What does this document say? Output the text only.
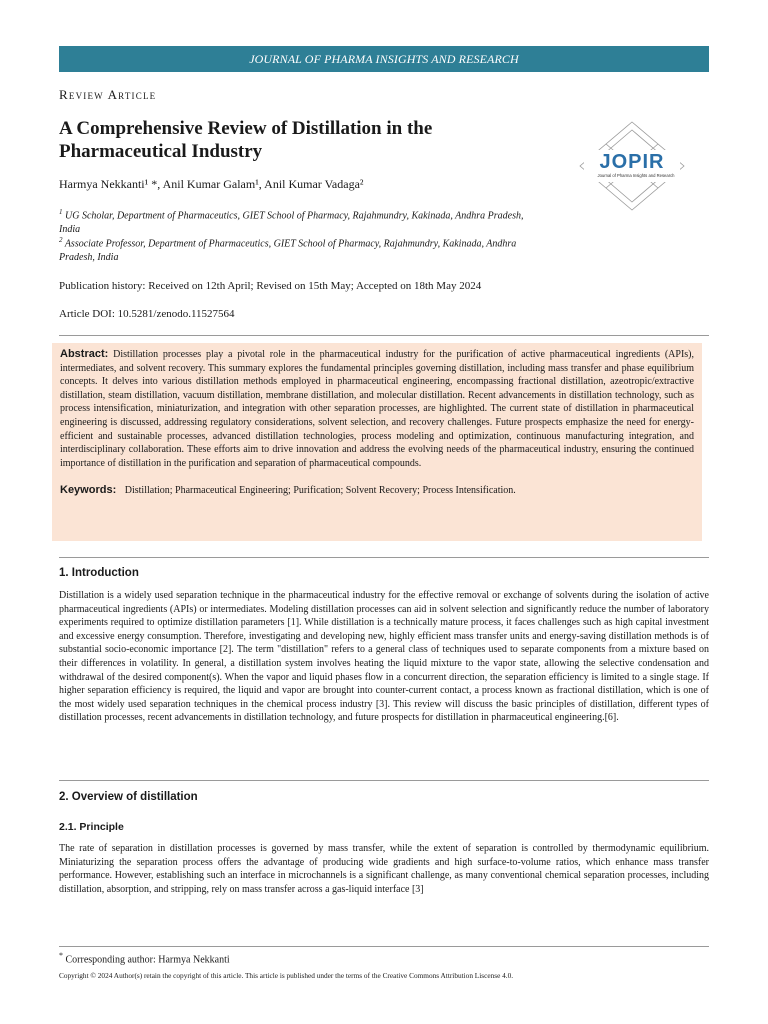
JOURNAL OF PHARMA INSIGHTS AND RESEARCH
Review Article
A Comprehensive Review of Distillation in the Pharmaceutical Industry	JOPIR
Journal of Pharma Insights and Research
Harmya Nekkanti¹ *, Anil Kumar Galam¹, Anil Kumar Vadaga²
$^1$ UG Scholar, Department of Pharmaceutics, GIET School of Pharmacy, Rajahmundry, Kakinada, Andhra Pradesh, India
$^2$ Associate Professor, Department of Pharmaceutics, GIET School of Pharmacy, Rajahmundry, Kakinada, Andhra Pradesh, India
Publication history: Received on 12th April; Revised on 15th May; Accepted on 18th May 2024
Article DOI: 10.5281/zenodo.11527564

Abstract: Distillation processes play a pivotal role in the pharmaceutical industry for the purification of active pharmaceutical ingredients (APIs), intermediates, and solvent recovery. This summary explores the fundamental principles governing distillation, including mass transfer and phase equilibrium concepts. It delves into various distillation methods employed in pharmaceutical engineering, encompassing fractional distillation, azeotropic/extractive distillation, steam distillation, vacuum distillation, membrane distillation, and molecular distillation. Recent advancements in distillation technology, such as process intensification, miniaturization, and integration with other separation processes, are highlighted. The current state of distillation in pharmaceutical engineering is discussed, addressing regulatory considerations, solvent selection, and recovery challenges. Future prospects emphasize the need for energy-efficient and sustainable processes, advanced distillation technologies, process modeling and optimization, continuous manufacturing integration, and interdisciplinary collaboration. These efforts aim to drive innovation and address the evolving needs of the pharmaceutical industry, ensuring the continued importance of distillation in the purification and separation of pharmaceutical compounds.

Keywords: Distillation; Pharmaceutical Engineering; Purification; Solvent Recovery; Process Intensification.
1. Introduction

Distillation is a widely used separation technique in the pharmaceutical industry for the effective removal or exchange of solvents during the isolation of active pharmaceutical ingredients (APIs) or intermediates. Modeling distillation processes can aid in solvent selection and significantly reduce the number of laboratory experiments required to optimize distillation parameters [1]. While distillation is a technically mature process, it faces challenges such as high capital investment and excessive energy consumption. Therefore, investigating and developing new, highly efficient mass transfer units and energy-saving distillation methods is of substantial socio-economic importance [2]. The term "distillation" refers to a general class of techniques used to separate components from a mixture based on their differences in volatility. In general, a distillation system involves heating the liquid mixture to the vapor state, allowing the selective condensation and withdrawal of the desired component(s). When the vapor and liquid phases flow in a concurrent direction, the separation efficiency is limited to a single stage. If higher separation efficiency is required, the liquid and vapor are brought into counter-current contact, a process known as fractional distillation, which is one of the most widely used separation techniques in the chemical process industry [3]. This review will discuss the basic principles of distillation, different types of distillation processes, recent advancements in distillation technology, and future prospects for distillation in pharmaceutical engineering.[6].

2. Overview of distillation
2.1. Principle

The rate of separation in distillation processes is governed by mass transfer, while the extent of separation is controlled by thermodynamic equilibrium. Miniaturizing the separation process offers the advantage of producing wide gradients and high surface-to-volume ratios, which enhance mass transfer performance. However, establishing such an interface in microchannels is a significant challenge, as many conventional chemical separation processes, including distillation, absorption, and stripping, rely on mass transfer across a gas-liquid interface [3]

* Corresponding author: Harmya Nekkanti
Copyright © 2024 Author(s) retain the copyright of this article. This article is published under the terms of the Creative Commons Attribution Liscense 4.0.
